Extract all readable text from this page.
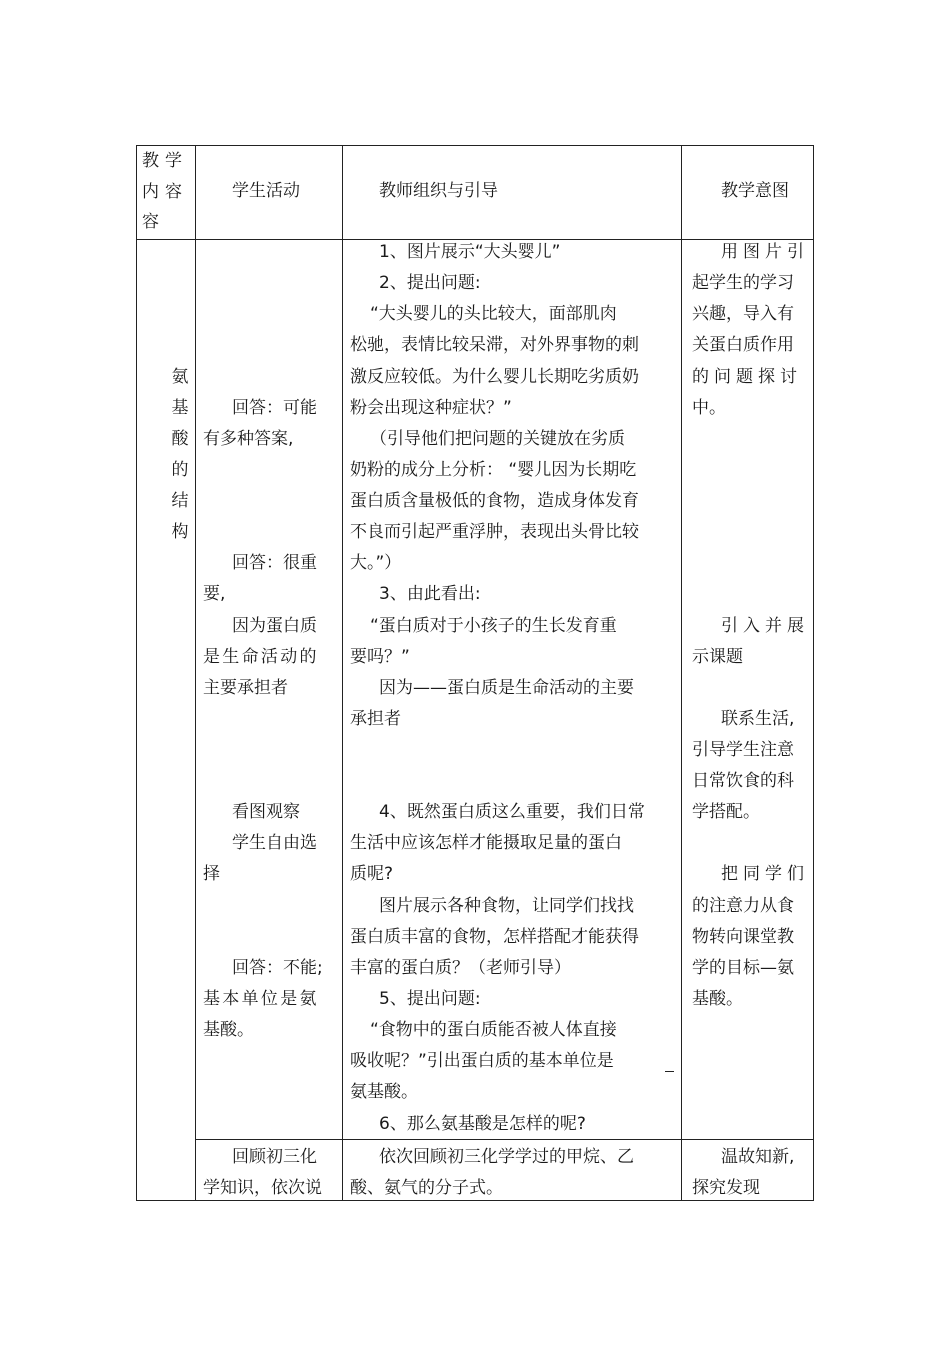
教学
内容
容
学生活动	教师组织与引导	教学意图
氨
基
酸
的
结
构
回答：可能
有多种答案,
回答：很重
要,
因为蛋白质
是生命活动的
主要承担者
看图观察
学生自由选
择
回答：不能;
基本单位是氨
基酸。
1、图片展示“大头婴儿”
2、提出问题:
“大头婴儿的头比较大，面部肌肉
松驰，表情比较呆滞，对外界事物的刺
激反应较低。为什么婴儿长期吃劣质奶
粉会出现这种症状？”
（引导他们把问题的关键放在劣质
奶粉的成分上分析： “婴儿因为长期吃
蛋白质含量极低的食物，造成身体发育
不良而引起严重浮肿，表现出头骨比较
大。”）
3、由此看出:
“蛋白质对于小孩子的生长发育重
要吗？”
因为——蛋白质是生命活动的主要
承担者
4、既然蛋白质这么重要，我们日常
生活中应该怎样才能摄取足量的蛋白
质呢?
图片展示各种食物，让同学们找找
蛋白质丰富的食物，怎样搭配才能获得
丰富的蛋白质？（老师引导）
5、提出问题:
“食物中的蛋白质能否被人体直接
吸收呢？”引出蛋白质的基本单位是
氨基酸。
6、那么氨基酸是怎样的呢?
用图片引
起学生的学习
兴趣，导入有
关蛋白质作用
的问题探讨
中。
引入并展
示课题
联系生活,
引导学生注意
日常饮食的科
学搭配。
把同学们
的注意力从食
物转向课堂教
学的目标—氨
基酸。
回顾初三化
学知识，依次说
依次回顾初三化学学过的甲烷、乙
酸、氨气的分子式。
温故知新,
探究发现
